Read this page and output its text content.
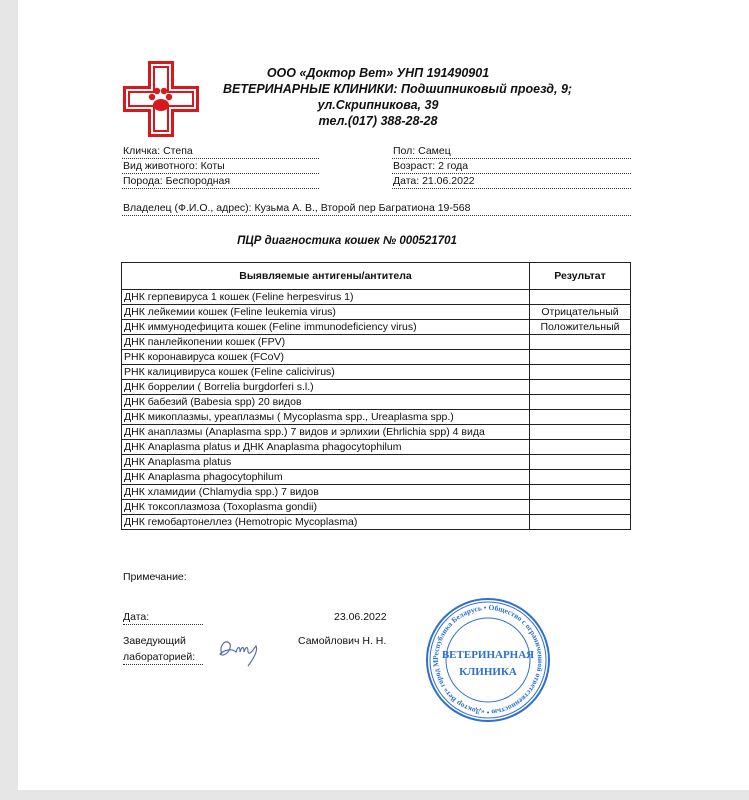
ООО «Доктор Вет» УНП 191490901
ВЕТЕРИНАРНЫЕ КЛИНИКИ: Подшипниковый проезд, 9;
ул.Скрипникова, 39
тел.(017) 388-28-28
Кличка: Степа
Вид животного: Коты
Порода: Беспородная
Пол: Самец
Возраст: 2 года
Дата: 21.06.2022
Владелец (Ф.И.О., адрес): Кузьма А. В., Второй пер Багратиона 19-568
ПЦР диагностика кошек № 000521701
Выявляемые антигены/антитела	Результат
ДНК герпевируса 1 кошек (Feline herpesvirus 1)	
ДНК лейкемии кошек (Feline leukemia virus)	Отрицательный
ДНК иммунодефицита кошек (Feline immunodeficiency virus)	Положительный
ДНК панлейкопении кошек (FPV)	
РНК коронавируса кошек (FCoV)	
РНК калицивируса кошек (Feline calicivirus)	
ДНК боррелии ( Borrelia burgdorferi s.l.)	
ДНК бабезий (Babesia spp) 20 видов	
ДНК микоплазмы, уреаплазмы ( Mycoplasma spp., Ureaplasma spp.)	
ДНК анаплазмы (Anaplasma spp.) 7 видов и эрлихии (Ehrlichia spp) 4 вида	
ДНК Anaplasma platus и ДНК Anaplasma phagocytophilum	
ДНК Anaplasma platus	
ДНК Anaplasma phagocytophilum	
ДНК хламидии (Chlamydia spp.) 7 видов	
ДНК токсоплазмоза (Toxoplasma gondii)	
ДНК гемобартонеллез (Hemotropic Mycoplasma)	
Примечание:
Дата:	23.06.2022
Заведующий
лабораторией:
Самойлович Н. Н.
Республика Беларусь • Общество с ограниченной ответственностью • «Доктор Вет» город М
ВЕТЕРИНАРНАЯ
КЛИНИКА
